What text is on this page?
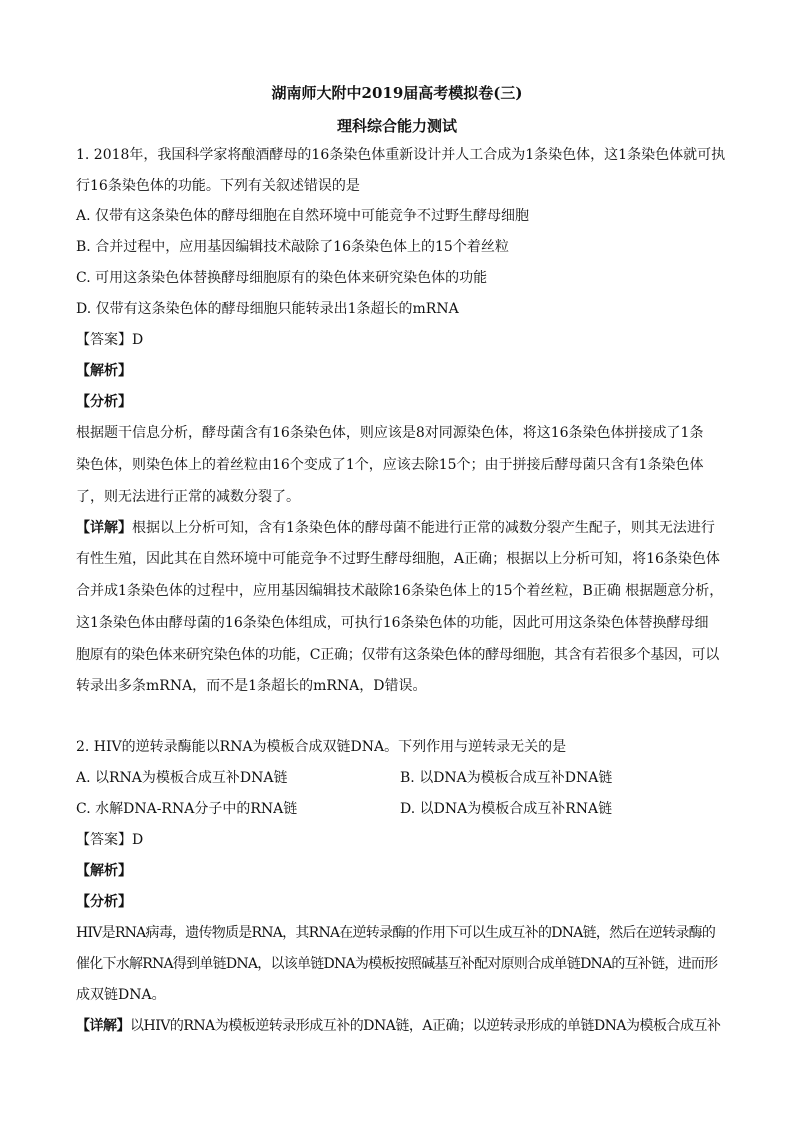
湖南师大附中2019届高考模拟卷(三)
理科综合能力测试
1. 2018年，我国科学家将酿酒酵母的16条染色体重新设计并人工合成为1条染色体，这1条染色体就可执
行16条染色体的功能。下列有关叙述错误的是
A. 仅带有这条染色体的酵母细胞在自然环境中可能竞争不过野生酵母细胞
B. 合并过程中，应用基因编辑技术敲除了16条染色体上的15个着丝粒
C. 可用这条染色体替换酵母细胞原有的染色体来研究染色体的功能
D. 仅带有这条染色体的酵母细胞只能转录出1条超长的mRNA
【答案】D
【解析】
【分析】
根据题干信息分析，酵母菌含有16条染色体，则应该是8对同源染色体，将这16条染色体拼接成了1条
染色体，则染色体上的着丝粒由16个变成了1个，应该去除15个；由于拼接后酵母菌只含有1条染色体
了，则无法进行正常的减数分裂了。
【详解】根据以上分析可知，含有1条染色体的酵母菌不能进行正常的减数分裂产生配子，则其无法进行
有性生殖，因此其在自然环境中可能竞争不过野生酵母细胞，A正确；根据以上分析可知，将16条染色体
合并成1条染色体的过程中，应用基因编辑技术敲除16条染色体上的15个着丝粒，B正确 根据题意分析，
这1条染色体由酵母菌的16条染色体组成，可执行16条染色体的功能，因此可用这条染色体替换酵母细
胞原有的染色体来研究染色体的功能，C正确；仅带有这条染色体的酵母细胞，其含有若很多个基因，可以
转录出多条mRNA，而不是1条超长的mRNA，D错误。
2. HIV的逆转录酶能以RNA为模板合成双链DNA。下列作用与逆转录无关的是
A. 以RNA为模板合成互补DNA链	B. 以DNA为模板合成互补DNA链
C. 水解DNA-RNA分子中的RNA链	D. 以DNA为模板合成互补RNA链
【答案】D
【解析】
【分析】
HIV是RNA病毒，遗传物质是RNA，其RNA在逆转录酶的作用下可以生成互补的DNA链，然后在逆转录酶的
催化下水解RNA得到单链DNA，以该单链DNA为模板按照碱基互补配对原则合成单链DNA的互补链，进而形
成双链DNA。
【详解】以HIV的RNA为模板逆转录形成互补的DNA链，A正确；以逆转录形成的单链DNA为模板合成互补
